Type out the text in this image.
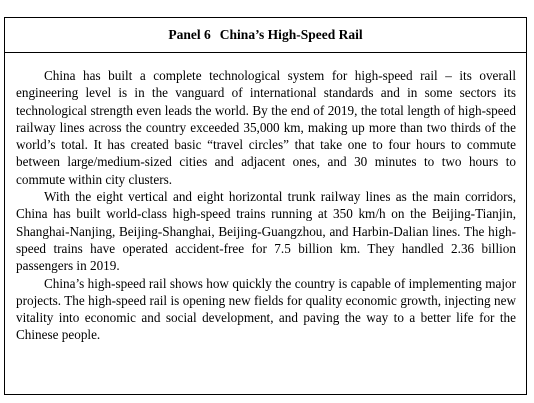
Panel 6 China’s High-Speed Rail

China has built a complete technological system for high-speed rail – its overall engineering level is in the vanguard of international standards and in some sectors its technological strength even leads the world. By the end of 2019, the total length of high-speed railway lines across the country exceeded 35,000 km, making up more than two thirds of the world’s total. It has created basic “travel circles” that take one to four hours to commute between large/medium-sized cities and adjacent ones, and 30 minutes to two hours to commute within city clusters.

With the eight vertical and eight horizontal trunk railway lines as the main corridors, China has built world-class high-speed trains running at 350 km/h on the Beijing-Tianjin, Shanghai-Nanjing, Beijing-Shanghai, Beijing-Guangzhou, and Harbin-Dalian lines. The high-speed trains have operated accident-free for 7.5 billion km. They handled 2.36 billion passengers in 2019.

China’s high-speed rail shows how quickly the country is capable of implementing major projects. The high-speed rail is opening new fields for quality economic growth, injecting new vitality into economic and social development, and paving the way to a better life for the Chinese people.
